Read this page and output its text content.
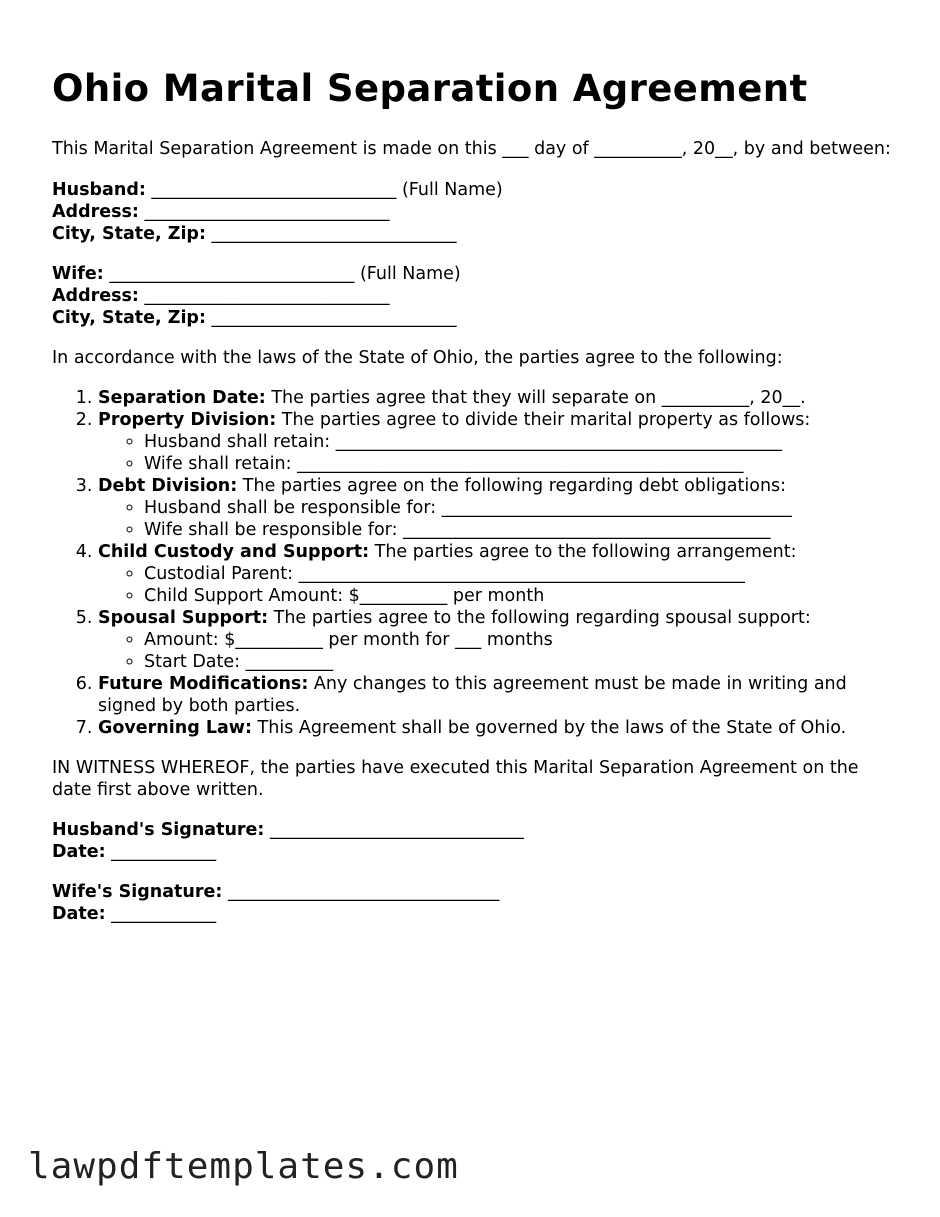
Ohio Marital Separation Agreement

This Marital Separation Agreement is made on this ___ day of __________, 20__, by and between:

Husband: ____________________________ (Full Name)
Address: ____________________________
City, State, Zip: ____________________________
Wife: ____________________________ (Full Name)
Address: ____________________________
City, State, Zip: ____________________________

In accordance with the laws of the State of Ohio, the parties agree to the following:

1. Separation Date: The parties agree that they will separate on __________, 20__.
2. Property Division: The parties agree to divide their marital property as follows:
◦ Husband shall retain: ___________________________________________________
◦ Wife shall retain: ___________________________________________________
3. Debt Division: The parties agree on the following regarding debt obligations:
◦ Husband shall be responsible for: ________________________________________
◦ Wife shall be responsible for: __________________________________________
4. Child Custody and Support: The parties agree to the following arrangement:
◦ Custodial Parent: ___________________________________________________
◦ Child Support Amount: $__________ per month
5. Spousal Support: The parties agree to the following regarding spousal support:
◦ Amount: $__________ per month for ___ months
◦ Start Date: __________
6. Future Modifications: Any changes to this agreement must be made in writing and signed by both parties.
7. Governing Law: This Agreement shall be governed by the laws of the State of Ohio.

IN WITNESS WHEREOF, the parties have executed this Marital Separation Agreement on the date first above written.

Husband's Signature: _____________________________
Date: ____________
Wife's Signature: _______________________________
Date: ____________
lawpdftemplates.com
